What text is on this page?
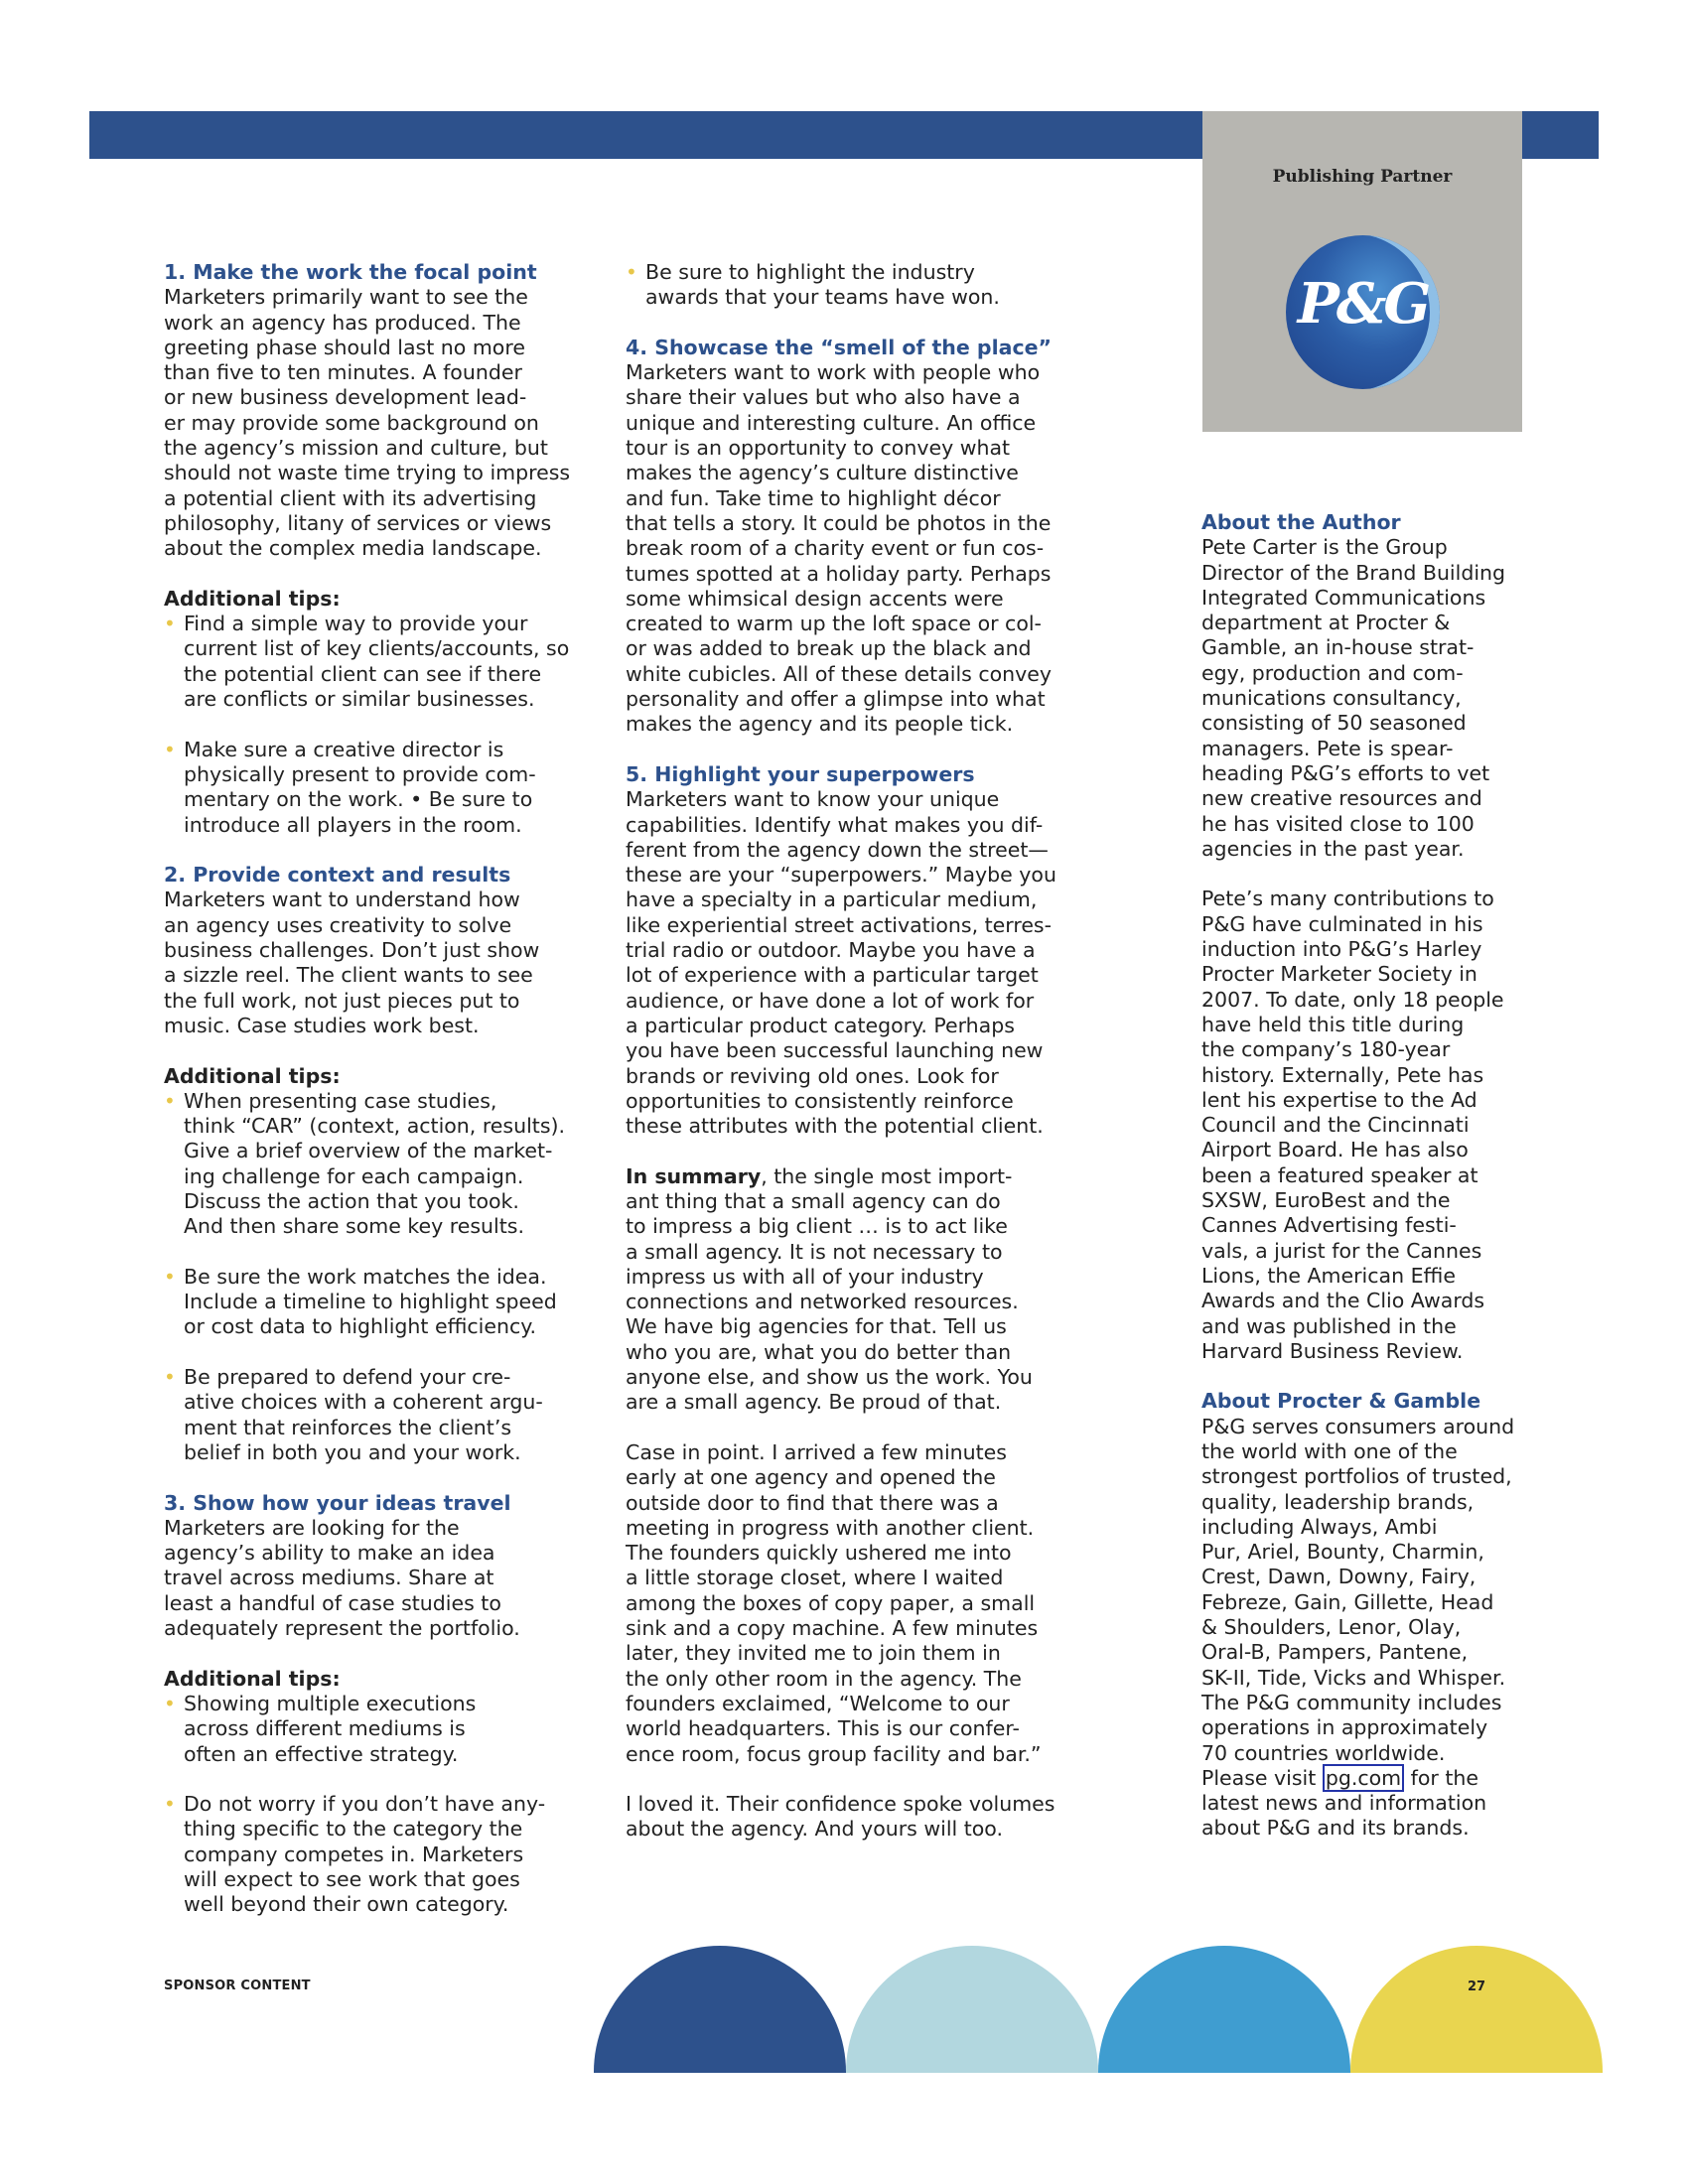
Publishing Partner
P&G
1. Make the work the focal point
Marketers primarily want to see the
work an agency has produced. The
greeting phase should last no more
than five to ten minutes. A founder
or new business development lead-
er may provide some background on
the agency’s mission and culture, but
should not waste time trying to impress
a potential client with its advertising
philosophy, litany of services or views
about the complex media landscape.
Additional tips:
• Find a simple way to provide your
current list of key clients/accounts, so
the potential client can see if there
are conflicts or similar businesses.
• Make sure a creative director is
physically present to provide com-
mentary on the work. • Be sure to
introduce all players in the room.
2. Provide context and results
Marketers want to understand how
an agency uses creativity to solve
business challenges. Don’t just show
a sizzle reel. The client wants to see
the full work, not just pieces put to
music. Case studies work best.
Additional tips:
• When presenting case studies,
think “CAR” (context, action, results).
Give a brief overview of the market-
ing challenge for each campaign.
Discuss the action that you took.
And then share some key results.
• Be sure the work matches the idea.
Include a timeline to highlight speed
or cost data to highlight efficiency.
• Be prepared to defend your cre-
ative choices with a coherent argu-
ment that reinforces the client’s
belief in both you and your work.
3. Show how your ideas travel
Marketers are looking for the
agency’s ability to make an idea
travel across mediums. Share at
least a handful of case studies to
adequately represent the portfolio.
Additional tips:
• Showing multiple executions
across different mediums is
often an effective strategy.
• Do not worry if you don’t have any-
thing specific to the category the
company competes in. Marketers
will expect to see work that goes
well beyond their own category.
• Be sure to highlight the industry
awards that your teams have won.
4. Showcase the “smell of the place”
Marketers want to work with people who
share their values but who also have a
unique and interesting culture. An office
tour is an opportunity to convey what
makes the agency’s culture distinctive
and fun. Take time to highlight décor
that tells a story. It could be photos in the
break room of a charity event or fun cos-
tumes spotted at a holiday party. Perhaps
some whimsical design accents were
created to warm up the loft space or col-
or was added to break up the black and
white cubicles. All of these details convey
personality and offer a glimpse into what
makes the agency and its people tick.
5. Highlight your superpowers
Marketers want to know your unique
capabilities. Identify what makes you dif-
ferent from the agency down the street—
these are your “superpowers.” Maybe you
have a specialty in a particular medium,
like experiential street activations, terres-
trial radio or outdoor. Maybe you have a
lot of experience with a particular target
audience, or have done a lot of work for
a particular product category. Perhaps
you have been successful launching new
brands or reviving old ones. Look for
opportunities to consistently reinforce
these attributes with the potential client.
In summary, the single most import-
ant thing that a small agency can do
to impress a big client … is to act like
a small agency. It is not necessary to
impress us with all of your industry
connections and networked resources.
We have big agencies for that. Tell us
who you are, what you do better than
anyone else, and show us the work. You
are a small agency. Be proud of that.
Case in point. I arrived a few minutes
early at one agency and opened the
outside door to find that there was a
meeting in progress with another client.
The founders quickly ushered me into
a little storage closet, where I waited
among the boxes of copy paper, a small
sink and a copy machine. A few minutes
later, they invited me to join them in
the only other room in the agency. The
founders exclaimed, “Welcome to our
world headquarters. This is our confer-
ence room, focus group facility and bar.”
I loved it. Their confidence spoke volumes
about the agency. And yours will too.
About the Author
Pete Carter is the Group
Director of the Brand Building
Integrated Communications
department at Procter &
Gamble, an in-house strat-
egy, production and com-
munications consultancy,
consisting of 50 seasoned
managers. Pete is spear-
heading P&G’s efforts to vet
new creative resources and
he has visited close to 100
agencies in the past year.
Pete’s many contributions to
P&G have culminated in his
induction into P&G’s Harley
Procter Marketer Society in
2007. To date, only 18 people
have held this title during
the company’s 180-year
history. Externally, Pete has
lent his expertise to the Ad
Council and the Cincinnati
Airport Board. He has also
been a featured speaker at
SXSW, EuroBest and the
Cannes Advertising festi-
vals, a jurist for the Cannes
Lions, the American Effie
Awards and the Clio Awards
and was published in the
Harvard Business Review.
About Procter & Gamble
P&G serves consumers around
the world with one of the
strongest portfolios of trusted,
quality, leadership brands,
including Always, Ambi
Pur, Ariel, Bounty, Charmin,
Crest, Dawn, Downy, Fairy,
Febreze, Gain, Gillette, Head
& Shoulders, Lenor, Olay,
Oral-B, Pampers, Pantene,
SK-II, Tide, Vicks and Whisper.
The P&G community includes
operations in approximately
70 countries worldwide.
Please visit pg.com for the
latest news and information
about P&G and its brands.
SPONSOR CONTENT	27
